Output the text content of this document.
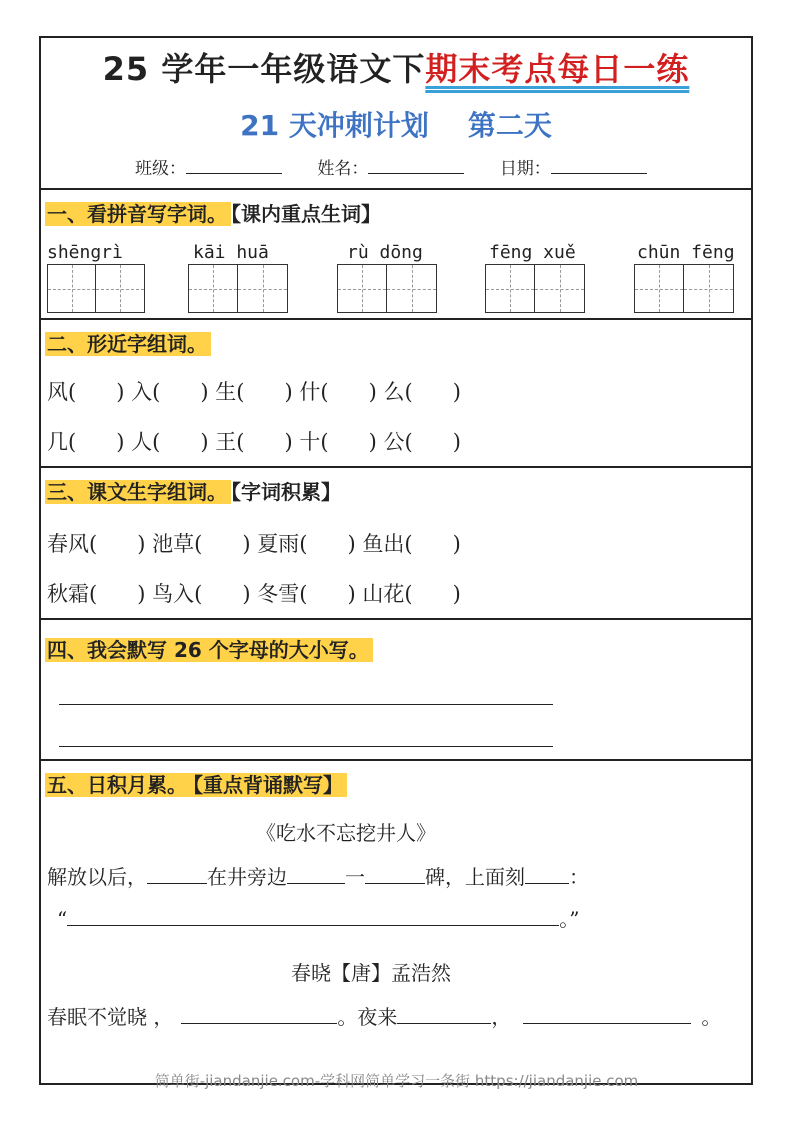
25 学年一年级语文下期末考点每日一练
21 天冲刺计划    第二天
班级：	姓名：	日期：
一、看拼音写字词。 【课内重点生词】
shēngrì	kāi huā	rù dōng	fēng xuě	chūn fēng
二、形近字组词。
风(      ) 入(      ) 生(      ) 什(      ) 么(      )
几(      ) 人(      ) 王(      ) 十(      ) 公(      )
三、课文生字组词。 【字词积累】
春风(      ) 池草(      ) 夏雨(      ) 鱼出(      )
秋霜(      ) 鸟入(      ) 冬雪(      ) 山花(      )
四、我会默写 26 个字母的大小写。
五、日积月累。 【重点背诵默写】
《吃水不忘挖井人》
解放以后，	在井旁边	一	碑，上面刻 ：
“	。”
春晓【唐】孟浩然
春眠不觉晓 ，	。夜来	，	。
简单街-jiandanjie.com-学科网简单学习一条街 https://jiandanjie.com
